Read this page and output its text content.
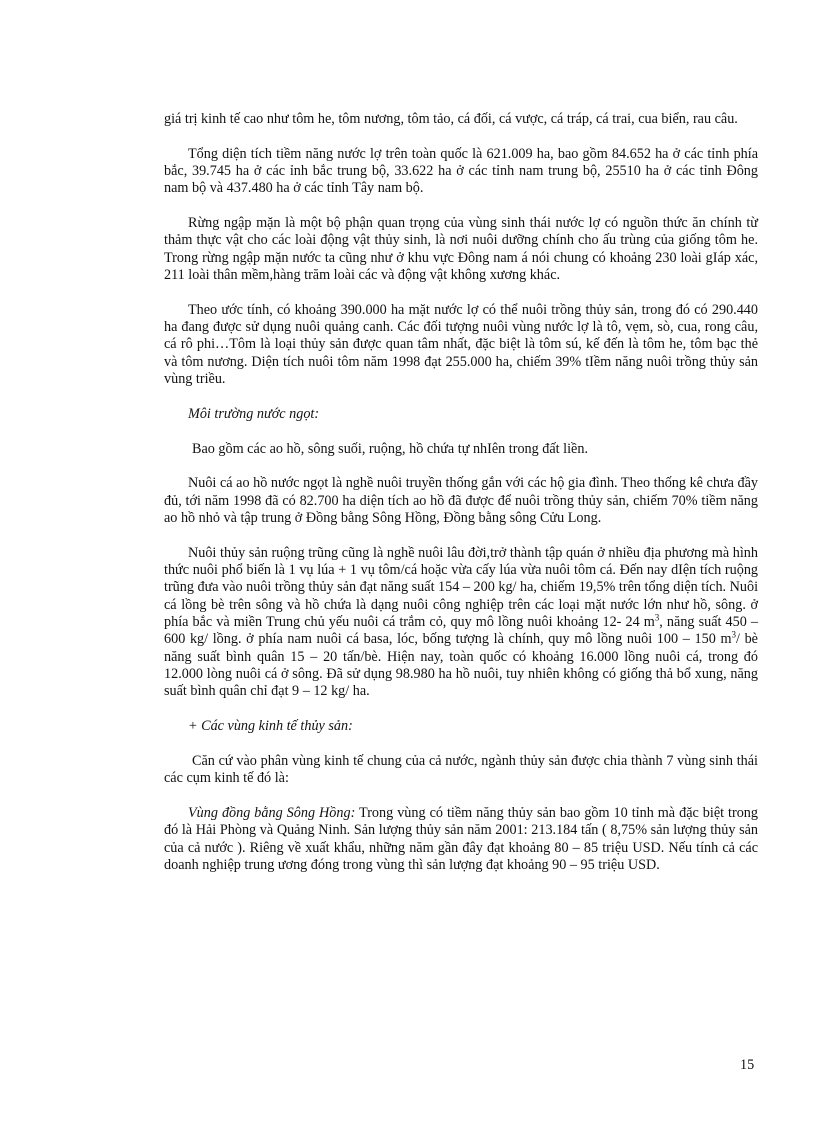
giá trị kinh tế cao như tôm he, tôm nương, tôm tảo, cá đối, cá vược, cá tráp, cá trai, cua biển, rau câu.

Tổng diện tích tiềm năng nước lợ trên toàn quốc là 621.009 ha, bao gồm 84.652 ha ở các tỉnh phía bắc, 39.745 ha ở các ỉnh bắc trung bộ, 33.622 ha ở các tỉnh nam trung bộ, 25510 ha ở các tỉnh Đông nam bộ và 437.480 ha ở các tỉnh Tây nam bộ.

Rừng ngập mặn là một bộ phận quan trọng của vùng sinh thái nước lợ có nguồn thức ăn chính từ thảm thực vật cho các loài động vật thủy sinh, là nơi nuôi dưỡng chính cho ấu trùng của giống tôm he. Trong rừng ngập mặn nước ta cũng như ở khu vực Đông nam á nói chung có khoảng 230 loài gIáp xác, 211 loài thân mềm,hàng trăm loài các và động vật không xương khác.

Theo ước tính, có khoảng 390.000 ha mặt nước lợ có thể nuôi trồng thủy sản, trong đó có 290.440 ha đang được sử dụng nuôi quảng canh. Các đối tượng nuôi vùng nước lợ là tô, vẹm, sò, cua, rong câu, cá rô phi…Tôm là loại thủy sản được quan tâm nhất, đặc biệt là tôm sú, kế đến là tôm he, tôm bạc thẻ và tôm nương. Diện tích nuôi tôm năm 1998 đạt 255.000 ha, chiếm 39% tIềm năng nuôi trồng thủy sản vùng triều.

Môi trường nước ngọt:

Bao gồm các ao hồ, sông suối, ruộng, hồ chứa tự nhIên trong đất liền.

Nuôi cá ao hồ nước ngọt là nghề nuôi truyền thống gắn với các hộ gia đình. Theo thống kê chưa đầy đủ, tới năm 1998 đã có 82.700 ha diện tích ao hồ đã được để nuôi trồng thủy sản, chiếm 70% tiềm năng ao hồ nhỏ và tập trung ở Đồng bằng Sông Hồng, Đồng bằng sông Cửu Long.

Nuôi thủy sản ruộng trũng cũng là nghề nuôi lâu đời,trở thành tập quán ở nhiều địa phương mà hình thức nuôi phổ biến là 1 vụ lúa + 1 vụ tôm/cá hoặc vừa cấy lúa vừa nuôi tôm cá. Đến nay dIện tích ruộng trũng đưa vào nuôi trồng thủy sản đạt năng suất 154 – 200 kg/ ha, chiếm 19,5% trên tổng diện tích. Nuôi cá lồng bè trên sông và hồ chứa là dạng nuôi công nghiệp trên các loại mặt nước lớn như hồ, sông. ở phía bắc và miền Trung chủ yếu nuôi cá trắm cỏ, quy mô lồng nuôi khoảng 12- 24 $m^3$, năng suất 450 – 600 kg/ lồng. ở phía nam nuôi cá basa, lóc, bống tượng là chính, quy mô lồng nuôi 100 – 150 $m^3/$ bè năng suất bình quân 15 – 20 tấn/bè. Hiện nay, toàn quốc có khoảng 16.000 lồng nuôi cá, trong đó 12.000 lòng nuôi cá ở sông. Đã sử dụng 98.980 ha hồ nuôi, tuy nhiên không có giống thả bổ xung, năng suất bình quân chỉ đạt 9 – 12 kg/ ha.

+ Các vùng kinh tế thủy sản:

Căn cứ vào phân vùng kinh tế chung của cả nước, ngành thủy sản được chia thành 7 vùng sinh thái các cụm kinh tế đó là:

Vùng đồng bằng Sông Hồng: Trong vùng có tiềm năng thủy sản bao gồm 10 tỉnh mà đặc biệt trong đó là Hải Phòng và Quảng Ninh. Sản lượng thủy sản năm 2001: 213.184 tấn ( 8,75% sản lượng thủy sản của cả nước ). Riêng về xuất khẩu, những năm gần đây đạt khoảng 80 – 85 triệu USD. Nếu tính cả các doanh nghiệp trung ương đóng trong vùng thì sản lượng đạt khoảng 90 – 95 triệu USD.

15
